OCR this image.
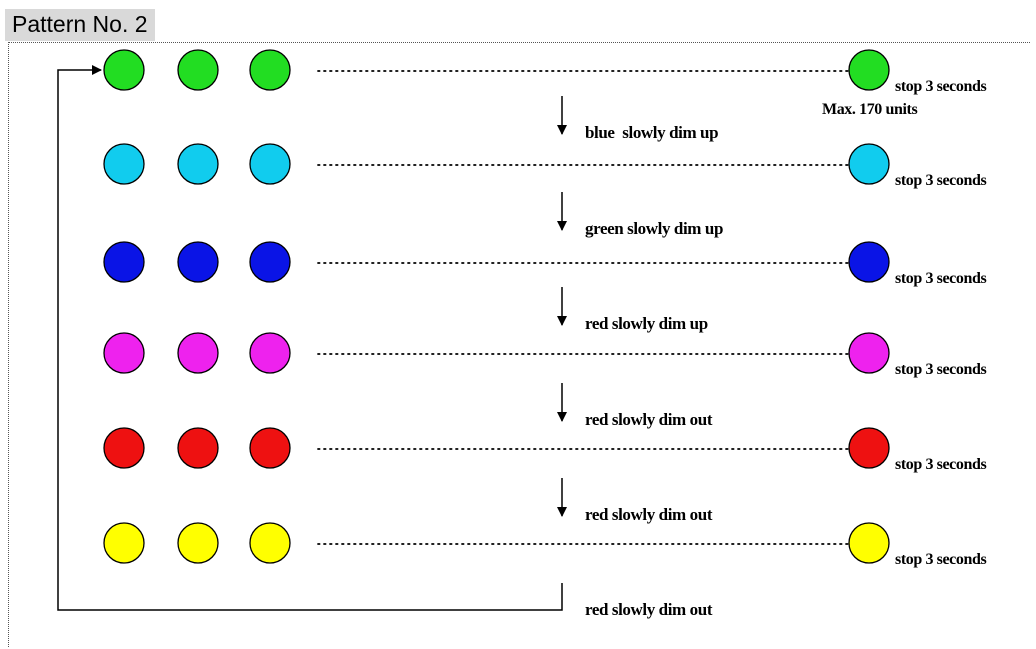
Pattern No. 2
Max. 170 units
red slowly dim out
stop 3 seconds
stop 3 seconds
stop 3 seconds
stop 3 seconds
stop 3 seconds
stop 3 seconds
blue  slowly dim up
green slowly dim up
red slowly dim up
red slowly dim out
red slowly dim out
